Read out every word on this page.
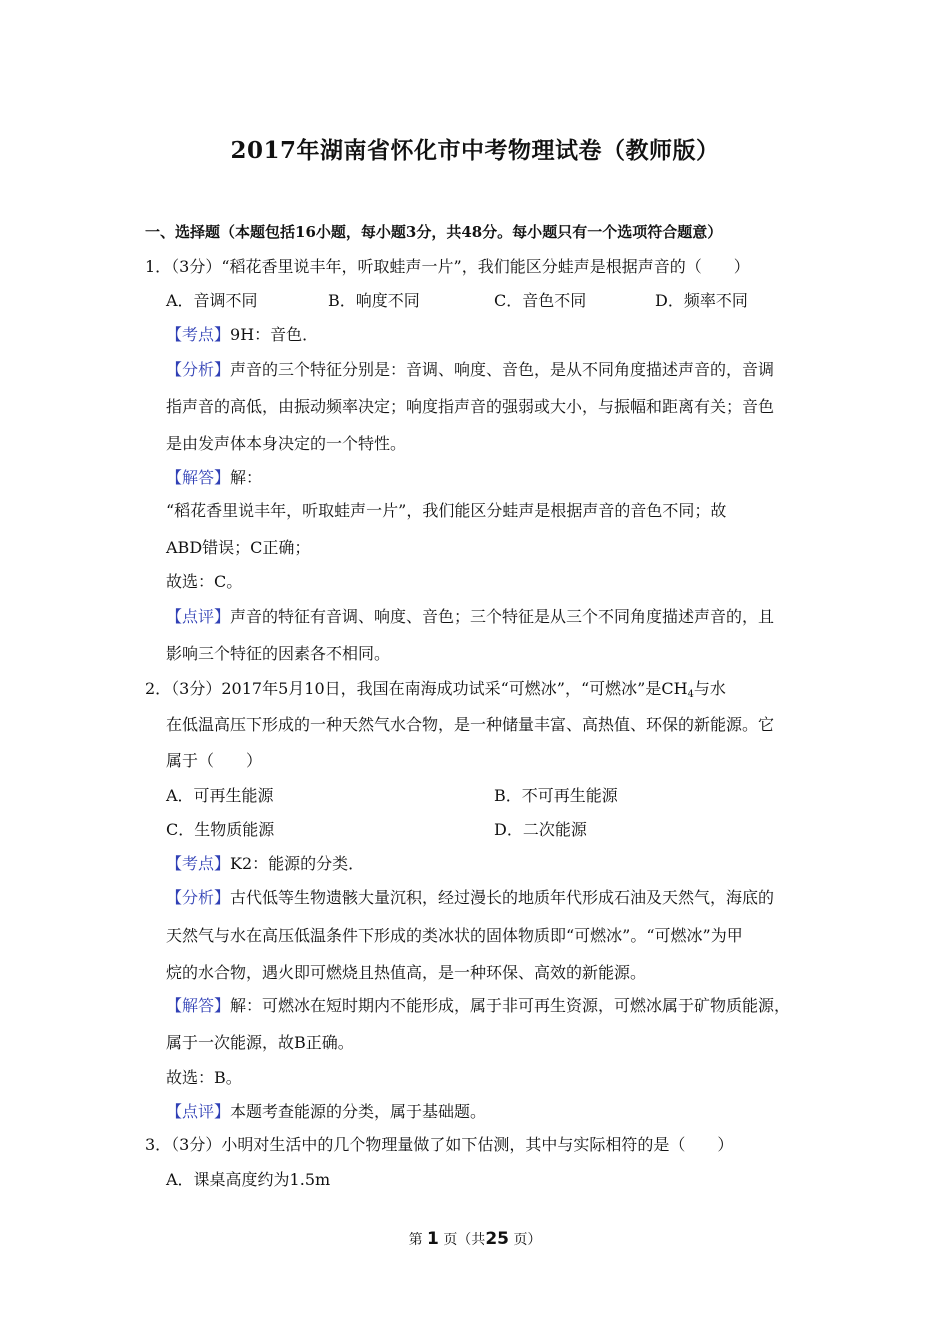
2017年湖南省怀化市中考物理试卷（教师版）
一、选择题（本题包括16小题，每小题3分，共48分。每小题只有一个选项符合题意）
1．（3分）“稻花香里说丰年，听取蛙声一片”，我们能区分蛙声是根据声音的（　　）
A．音调不同	B．响度不同	C．音色不同	D．频率不同
【考点】9H：音色．
【分析】声音的三个特征分别是：音调、响度、音色，是从不同角度描述声音的，音调
指声音的高低，由振动频率决定；响度指声音的强弱或大小，与振幅和距离有关；音色
是由发声体本身决定的一个特性。
【解答】解：
“稻花香里说丰年，听取蛙声一片”，我们能区分蛙声是根据声音的音色不同；故
ABD错误；C正确；
故选：C。
【点评】声音的特征有音调、响度、音色；三个特征是从三个不同角度描述声音的，且
影响三个特征的因素各不相同。
2．（3分）2017年5月10日，我国在南海成功试采“可燃冰”，“可燃冰”是$CH_4$与水
在低温高压下形成的一种天然气水合物，是一种储量丰富、高热值、环保的新能源。它
属于（　　）
A．可再生能源	B．不可再生能源
C．生物质能源	D．二次能源
【考点】K2：能源的分类．
【分析】古代低等生物遗骸大量沉积，经过漫长的地质年代形成石油及天然气，海底的
天然气与水在高压低温条件下形成的类冰状的固体物质即“可燃冰”。“可燃冰”为甲
烷的水合物，遇火即可燃烧且热值高，是一种环保、高效的新能源。
【解答】解：可燃冰在短时期内不能形成，属于非可再生资源，可燃冰属于矿物质能源，
属于一次能源，故B正确。
故选：B。
【点评】本题考查能源的分类，属于基础题。
3．（3分）小明对生活中的几个物理量做了如下估测，其中与实际相符的是（　　）
A．课桌高度约为1.5m
第 1 页（共25 页）
